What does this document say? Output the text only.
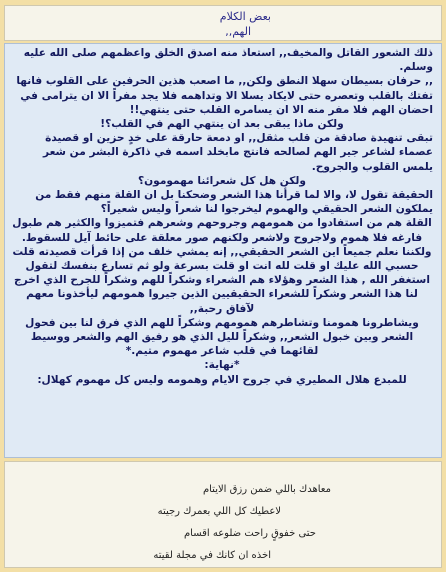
بعض الكلام
الهم,,

ذلك الشعور القاتل والمخيف,, استعاذ منه اصدق الخلق واعظمهم صلى الله عليه وسلم.

,, حرفان بسيطان سهلا النطق ولكن,, ما اصعب هذين الحرفين على القلوب فانها تفتك بالقلب وتعصره حتى لايكاد يسلا الا وتداهمه فلا يجد مفراً الا ان يترامى في احضان الهم فلا مفر منه الا ان يسامره القلب حتى ينتهي!!

ولكن ماذا يبقى بعد ان ينتهي الهم في القلب؟!

تبقى تنهيدة صادقة من قلب مثقل,, او دمعة حارقة على خدٍ حزين او قصيدة عصماء لشاعر جير الهم لصالحه فانتج مابخلد اسمه في ذاكرة البشر من شعر يلمس القلوب والجروح.

ولكن هل كل شعرائنا مهمومون؟

الحقيقة تقول لا، والا لما قرأنا هذا الشعر وضحكنا بل ان القلة منهم فقط من يملكون الشعر الحقيقي والهموم ليخرجوا لنا شعراً وليس شعيراً؟

القلة هم من استفادوا من همومهم وجروحهم وشعرهم فتميزوا والكثير هم طبول فارغه فلا هموم ولاجروح ولاشعر ولكنهم صور معلقة على حائط آيل للسقوط. ولكننا نعلم جميعاً اين الشعر الحقيقي,, إنه يمشي خلف من إذا قرأت قصيدته قلت حسبي الله عليك او قلت لله انت او قلت بسرعة ولو ثم تسارع بنفسك لتقول استغفر الله , هذا الشعر وهؤلاء هم الشعراء وشكراً للهم وشكراً للجرح الذي اخرج لنا هذا الشعر وشكراً للشعراء الحقيقيين الذين جيروا همومهم ليأخذونا معهم لآفاق رحبة,,

ويشاطرونا همومنا وتشاطرهم همومهم وشكراً للهم الذي فرق لنا بين فحول الشعر وبين خبول الشعر,, وشكراً لليل الذي هو رفيق الهم والشعر ووسيط لقائهما في قلب شاعر مهموم متيم.*

*نهاية:

للمبدع هلال المطيري في جروح الايام وهمومه وليس كل مهموم كهلال:

معاهدك باللي ضمن رزق الايتام
لاعطيك كل اللي بعمرك رجيته
حتى خفوقٍ راحت ضلوعه اقسام
اخذه ان كانك في مجلة لقيته
